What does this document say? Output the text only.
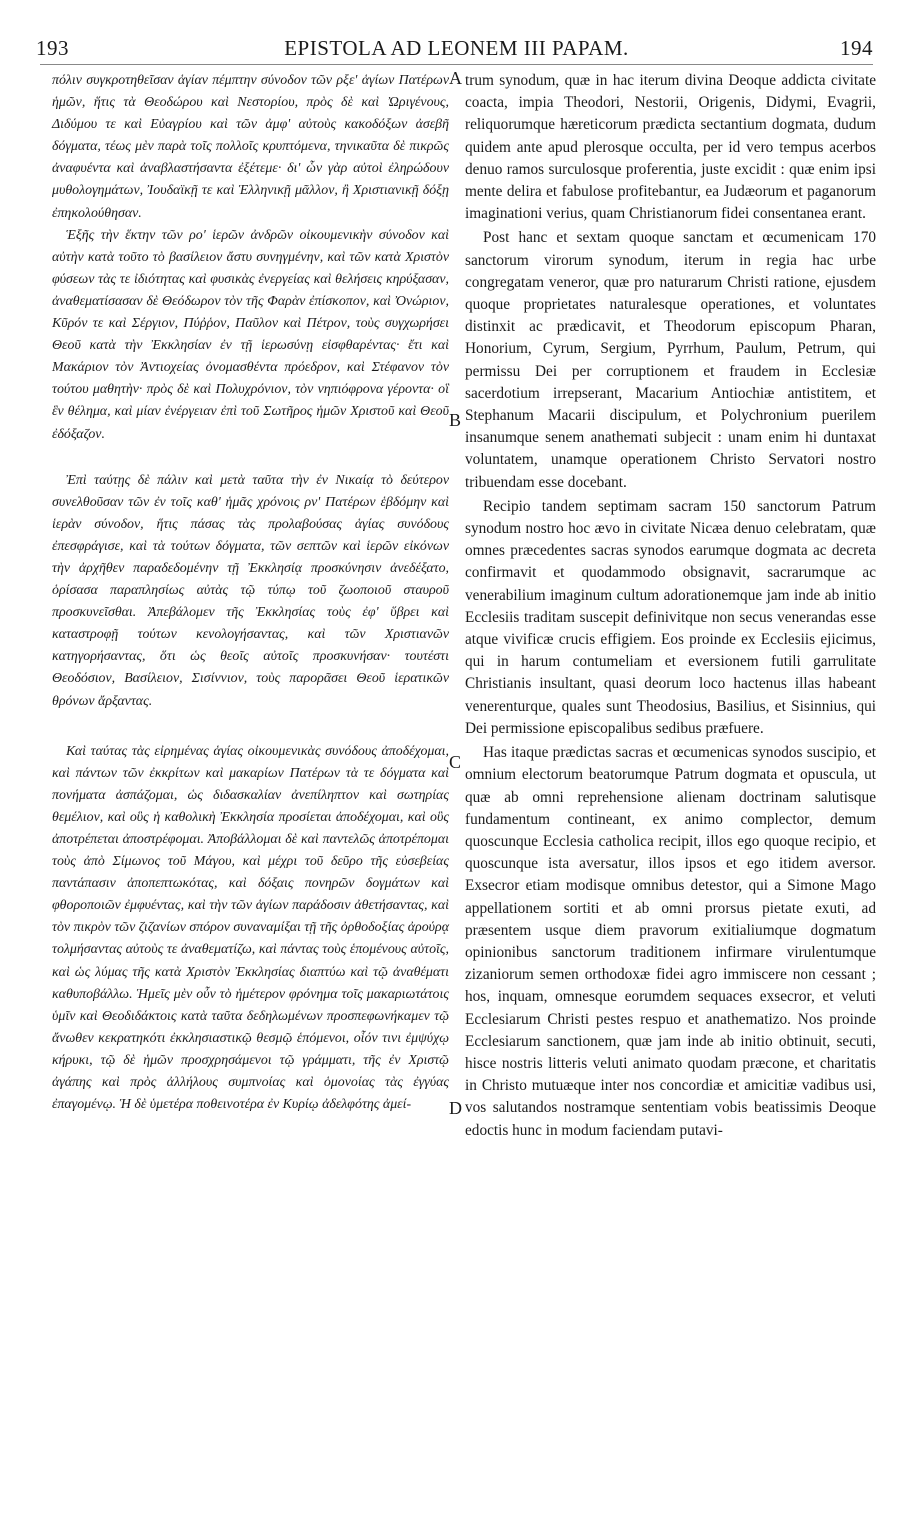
193	EPISTOLA AD LEONEM III PAPAM.	194

πόλιν συγκροτηθεῖσαν ἁγίαν πέμπτην σύνοδον τῶν ρξε' ἁγίων Πατέρων ἡμῶν, ἥτις τὰ Θεοδώρου καὶ Νεστορίου, πρὸς δὲ καὶ Ὠριγένους, Διδύμου τε καὶ Εὐαγρίου καὶ τῶν ἀμφ' αὐτοὺς κακοδόξων ἀσεβῆ δόγματα, τέως μὲν παρὰ τοῖς πολλοῖς κρυπτόμενα, τηνικαῦτα δὲ πικρῶς ἀναφυέντα καὶ ἀναβλαστήσαντα ἐξέτεμε· δι' ὧν γὰρ αὐτοὶ ἐληρώδουν μυθολογημάτων, Ἰουδαϊκῇ τε καὶ Ἑλληνικῇ μᾶλλον, ἢ Χριστιανικῇ δόξῃ ἐπηκολούθησαν.

Ἑξῆς τὴν ἕκτην τῶν ρο' ἱερῶν ἀνδρῶν οἰκουμενικὴν σύνοδον καὶ αὐτὴν κατὰ τοῦτο τὸ βασίλειον ἄστυ συνηγμένην, καὶ τῶν κατὰ Χριστὸν φύσεων τὰς τε ἰδιότητας καὶ φυσικὰς ἐνεργείας καὶ θελήσεις κηρύξασαν, ἀναθεματίσασαν δὲ Θεόδωρον τὸν τῆς Φαρὰν ἐπίσκοπον, καὶ Ὀνώριον, Κῦρόν τε καὶ Σέργιον, Πύῤῥον, Παῦλον καὶ Πέτρον, τοὺς συγχωρήσει Θεοῦ κατὰ τὴν Ἐκκλησίαν ἐν τῇ ἱερωσύνῃ εἰσφθαρέντας· ἔτι καὶ Μακάριον τὸν Ἀντιοχείας ὀνομασθέντα πρόεδρον, καὶ Στέφανον τὸν τούτου μαθητὴν· πρὸς δὲ καὶ Πολυχρόνιον, τὸν νηπιόφρονα γέροντα· οἳ ἓν θέλημα, καὶ μίαν ἐνέργειαν ἐπὶ τοῦ Σωτῆρος ἡμῶν Χριστοῦ καὶ Θεοῦ ἐδόξαζον.

Ἐπὶ ταύτῃς δὲ πάλιν καὶ μετὰ ταῦτα τὴν ἐν Νικαίᾳ τὸ δεύτερον συνελθοῦσαν τῶν ἐν τοῖς καθ' ἡμᾶς χρόνοις ρν' Πατέρων ἑβδόμην καὶ ἱερὰν σύνοδον, ἥτις πάσας τὰς προλαβούσας ἁγίας συνόδους ἐπεσφράγισε, καὶ τὰ τούτων δόγματα, τῶν σεπτῶν καὶ ἱερῶν εἰκόνων τὴν ἀρχῆθεν παραδεδομένην τῇ Ἐκκλησίᾳ προσκύνησιν ἀνεδέξατο, ὁρίσασα παραπλησίως αὐτὰς τῷ τύπῳ τοῦ ζωοποιοῦ σταυροῦ προσκυνεῖσθαι. Ἀπεβάλομεν τῆς Ἐκκλησίας τοὺς ἐφ' ὕβρει καὶ καταστροφῇ τούτων κενολογήσαντας, καὶ τῶν Χριστιανῶν κατηγορήσαντας, ὅτι ὡς θεοῖς αὐτοῖς προσκυνήσαν· τουτέστι Θεοδόσιον, Βασίλειον, Σισίννιον, τοὺς παρορᾶσει Θεοῦ ἱερατικῶν θρόνων ἄρξαντας.

Καὶ ταύτας τὰς εἰρημένας ἁγίας οἰκουμενικὰς συνόδους ἀποδέχομαι, καὶ πάντων τῶν ἐκκρίτων καὶ μακαρίων Πατέρων τὰ τε δόγματα καὶ πονήματα ἀσπάζομαι, ὡς διδασκαλίαν ἀνεπίληπτον καὶ σωτηρίας θεμέλιον, καὶ οὓς ἡ καθολικὴ Ἐκκλησία προσίεται ἀποδέχομαι, καὶ οὓς ἀποτρέπεται ἀποστρέφομαι. Ἀποβάλλομαι δὲ καὶ παντελῶς ἀποτρέπομαι τοὺς ἀπὸ Σίμωνος τοῦ Μάγου, καὶ μέχρι τοῦ δεῦρο τῆς εὐσεβείας παντάπασιν ἀποπεπτωκότας, καὶ δόξαις πονηρῶν δογμάτων καὶ φθοροποιῶν ἐμφυέντας, καὶ τὴν τῶν ἁγίων παράδοσιν ἀθετήσαντας, καὶ τὸν πικρὸν τῶν ζιζανίων σπόρον συναναμίξαι τῇ τῆς ὀρθοδοξίας ἀρούρᾳ τολμήσαντας αὐτοὺς τε ἀναθεματίζω, καὶ πάντας τοὺς ἑπομένους αὐτοῖς, καὶ ὡς λύμας τῆς κατὰ Χριστὸν Ἐκκλησίας διαπτύω καὶ τῷ ἀναθέματι καθυποβάλλω. Ἡμεῖς μὲν οὖν τὸ ἡμέτερον φρόνημα τοῖς μακαριωτάτοις ὑμῖν καὶ Θεοδιδάκτοις κατὰ ταῦτα δεδηλωμένων προσπεφωνήκαμεν τῷ ἄνωθεν κεκρατηκότι ἐκκλησιαστικῷ θεσμῷ ἑπόμενοι, οἷόν τινι ἐμψύχῳ κήρυκι, τῷ δὲ ἡμῶν προσχρησάμενοι τῷ γράμματι, τῆς ἐν Χριστῷ ἀγάπης καὶ πρὸς ἀλλήλους συμπνοίας καὶ ὁμονοίας τὰς ἐγγύας ἐπαγομένῳ. Ἡ δὲ ὑμετέρα ποθεινοτέρα ἐν Κυρίῳ ἀδελφότης ἀμεί-

A
B
C
D

trum synodum, quæ in hac iterum divina Deoque addicta civitate coacta, impia Theodori, Nestorii, Origenis, Didymi, Evagrii, reliquorumque hæreticorum prædicta sectantium dogmata, dudum quidem ante apud plerosque occulta, per id vero tempus acerbos denuo ramos surculosque proferentia, juste excidit : quæ enim ipsi mente delira et fabulose profitebantur, ea Judæorum et paganorum imaginationi verius, quam Christianorum fidei consentanea erant.

Post hanc et sextam quoque sanctam et œcumenicam 170 sanctorum virorum synodum, iterum in regia hac urbe congregatam veneror, quæ pro naturarum Christi ratione, ejusdem quoque proprietates naturalesque operationes, et voluntates distinxit ac prædicavit, et Theodorum episcopum Pharan, Honorium, Cyrum, Sergium, Pyrrhum, Paulum, Petrum, qui permissu Dei per corruptionem et fraudem in Ecclesiæ sacerdotium irrepserant, Macarium Antiochiæ antistitem, et Stephanum Macarii discipulum, et Polychronium puerilem insanumque senem anathemati subjecit : unam enim hi duntaxat voluntatem, unamque operationem Christo Servatori nostro tribuendam esse docebant.

Recipio tandem septimam sacram 150 sanctorum Patrum synodum nostro hoc ævo in civitate Nicæa denuo celebratam, quæ omnes præcedentes sacras synodos earumque dogmata ac decreta confirmavit et quodammodo obsignavit, sacrarumque ac venerabilium imaginum cultum adorationemque jam inde ab initio Ecclesiis traditam suscepit definivitque non secus venerandas esse atque vivificæ crucis effigiem. Eos proinde ex Ecclesiis ejicimus, qui in harum contumeliam et eversionem futili garrulitate Christianis insultant, quasi deorum loco hactenus illas habeant venerenturque, quales sunt Theodosius, Basilius, et Sisinnius, qui Dei permissione episcopalibus sedibus præfuere.

Has itaque prædictas sacras et œcumenicas synodos suscipio, et omnium electorum beatorumque Patrum dogmata et opuscula, ut quæ ab omni reprehensione alienam doctrinam salutisque fundamentum contineant, ex animo complector, demum quoscunque Ecclesia catholica recipit, illos ego quoque recipio, et quoscunque ista aversatur, illos ipsos et ego itidem aversor. Exsecror etiam modisque omnibus detestor, qui a Simone Mago appellationem sortiti et ab omni prorsus pietate exuti, ad præsentem usque diem pravorum exitialiumque dogmatum opinionibus sanctorum traditionem infirmare virulentumque zizaniorum semen orthodoxæ fidei agro immiscere non cessant ; hos, inquam, omnesque eorumdem sequaces exsecror, et veluti Ecclesiarum Christi pestes respuo et anathematizo. Nos proinde Ecclesiarum sanctionem, quæ jam inde ab initio obtinuit, secuti, hisce nostris litteris veluti animato quodam præcone, et charitatis in Christo mutuæque inter nos concordiæ et amicitiæ vadibus usi, vos salutandos nostramque sententiam vobis beatissimis Deoque edoctis hunc in modum faciendam putavi-
